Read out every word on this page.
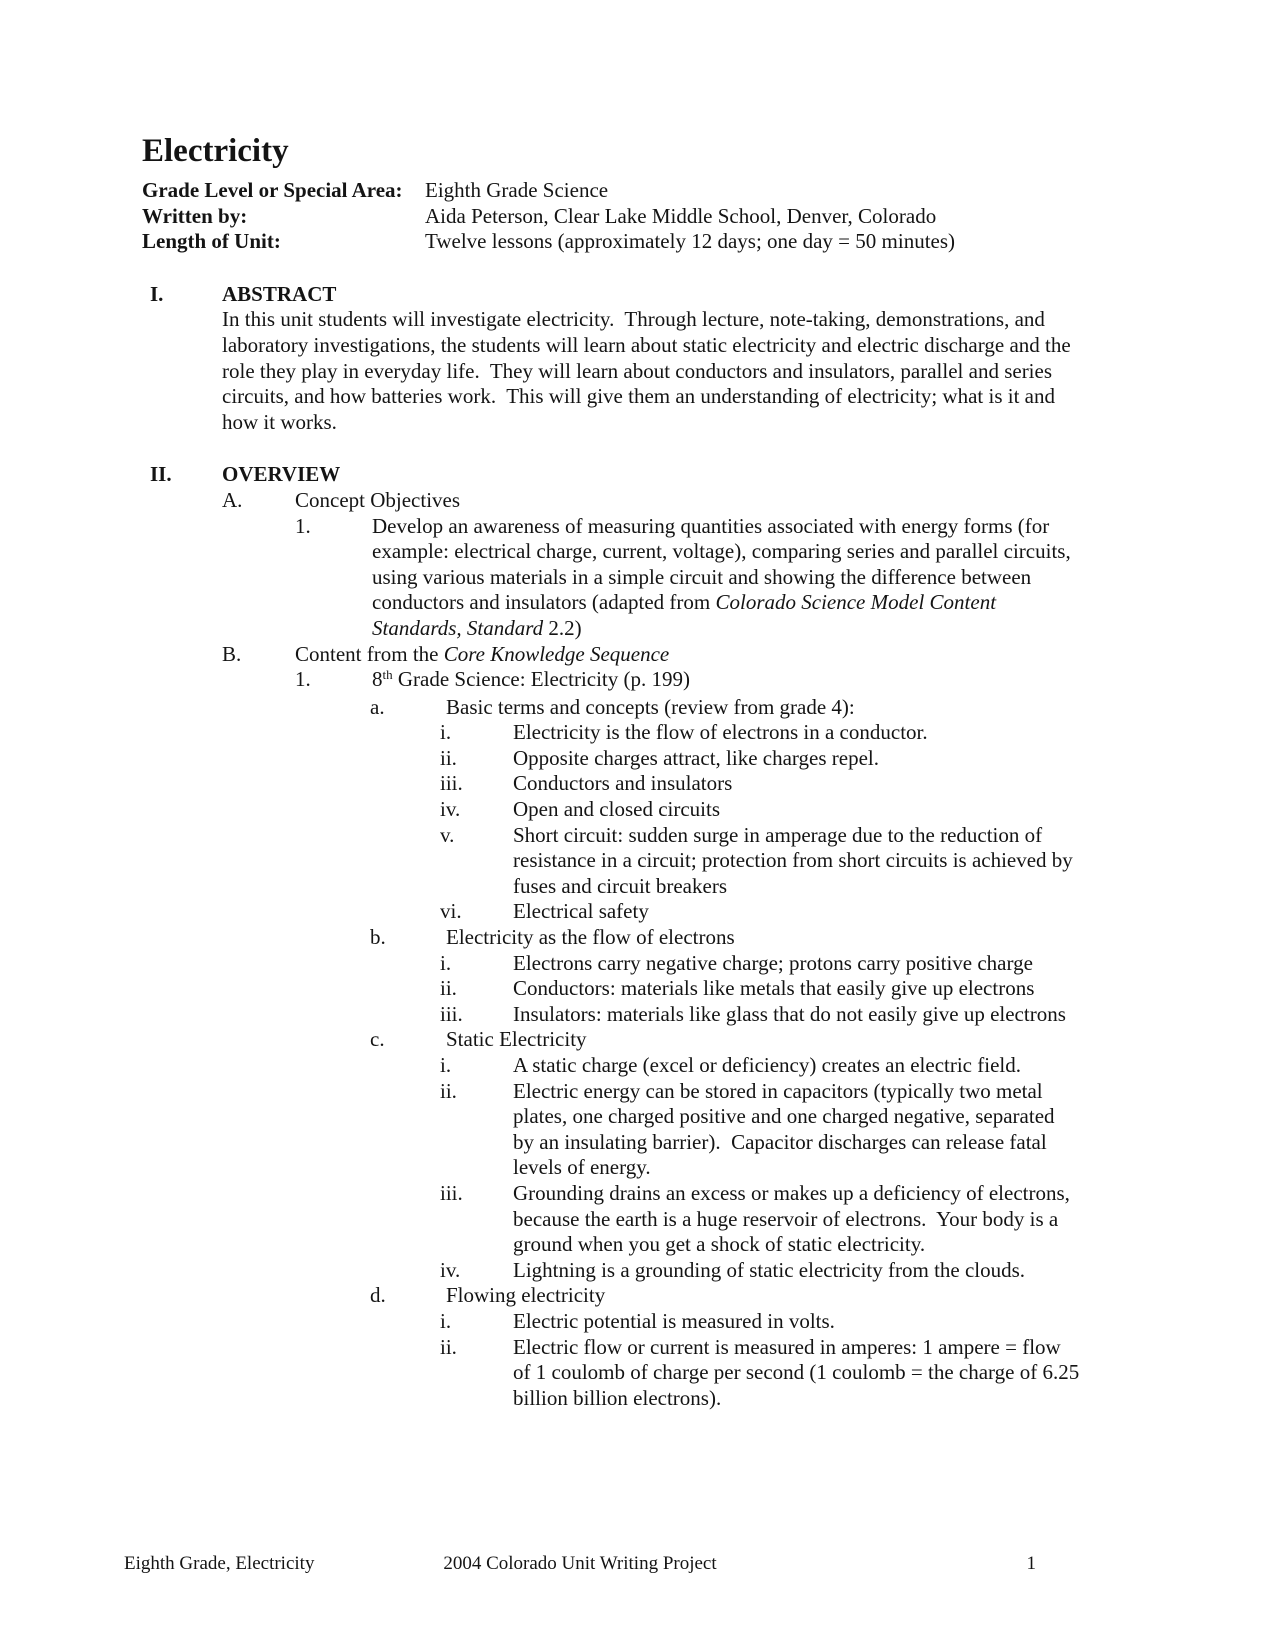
Electricity
Grade Level or Special Area:	Eighth Grade Science
Written by:	Aida Peterson, Clear Lake Middle School, Denver, Colorado
Length of Unit:	Twelve lessons (approximately 12 days; one day = 50 minutes)
I.	ABSTRACT
In this unit students will investigate electricity.  Through lecture, note-taking, demonstrations, and laboratory investigations, the students will learn about static electricity and electric discharge and the role they play in everyday life.  They will learn about conductors and insulators, parallel and series circuits, and how batteries work.  This will give them an understanding of electricity; what is it and how it works.
II. OVERVIEW
A.	Concept Objectives
1.	Develop an awareness of measuring quantities associated with energy forms (for example: electrical charge, current, voltage), comparing series and parallel circuits, using various materials in a simple circuit and showing the difference between conductors and insulators (adapted from Colorado Science Model Content Standards, Standard 2.2)
B.	Content from the Core Knowledge Sequence
1.	8th Grade Science: Electricity (p. 199)
a.	Basic terms and concepts (review from grade 4):
i.	Electricity is the flow of electrons in a conductor.
ii.	Opposite charges attract, like charges repel.
iii. Conductors and insulators
iv.	Open and closed circuits
v.	Short circuit: sudden surge in amperage due to the reduction of resistance in a circuit; protection from short circuits is achieved by fuses and circuit breakers
vi. Electrical safety
b.	Electricity as the flow of electrons
i.	Electrons carry negative charge; protons carry positive charge
ii.	Conductors: materials like metals that easily give up electrons
iii. Insulators: materials like glass that do not easily give up electrons
c.	Static Electricity
i.	A static charge (excel or deficiency) creates an electric field.
ii.	Electric energy can be stored in capacitors (typically two metal plates, one charged positive and one charged negative, separated by an insulating barrier).  Capacitor discharges can release fatal levels of energy.
iii. Grounding drains an excess or makes up a deficiency of electrons, because the earth is a huge reservoir of electrons.  Your body is a ground when you get a shock of static electricity.
iv.	Lightning is a grounding of static electricity from the clouds.
d.	Flowing electricity
i.	Electric potential is measured in volts.
ii.	Electric flow or current is measured in amperes: 1 ampere = flow of 1 coulomb of charge per second (1 coulomb = the charge of 6.25 billion billion electrons).
Eighth Grade, Electricity	2004 Colorado Unit Writing Project	1
